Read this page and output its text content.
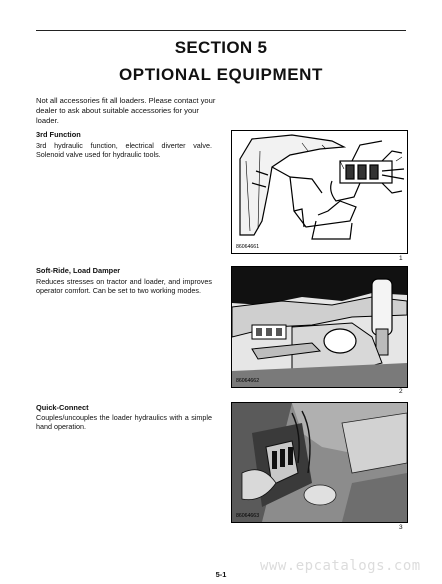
SECTION 5
OPTIONAL EQUIPMENT

Not all accessories fit all loaders. Please contact your dealer to ask about suitable accessories for your loader.

3rd Function
3rd hydraulic function, electrical diverter valve. Solenoid valve used for hydraulic tools.
86064661
1
Soft-Ride, Load Damper
Reduces stresses on tractor and loader, and improves operator comfort. Can be set to two working modes.
86064662
2
Quick-Connect
Couples/uncouples the loader hydraulics with a simple hand operation.
86064663
3
www.epcatalogs.com
5-1
